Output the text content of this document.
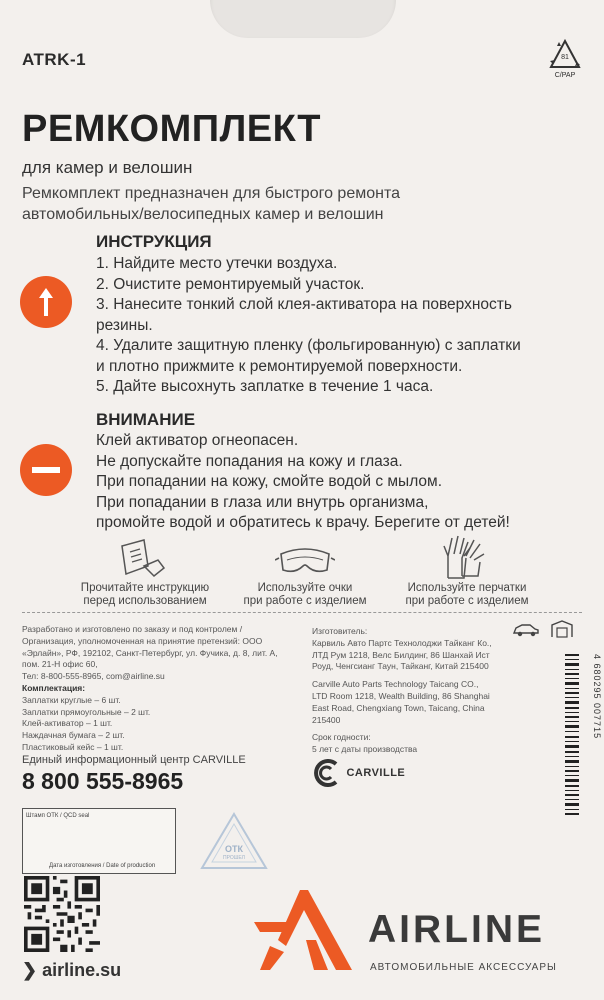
ATRK-1	81
C/PAP
РЕМКОМПЛЕКТ
для камер и велошин
Ремкомплект предназначен для быстрого ремонта
автомобильных/велосипедных камер и велошин
ИНСТРУКЦИЯ
1. Найдите место утечки воздуха.
2. Очистите ремонтируемый участок.
3. Нанесите тонкий слой клея-активатора на поверхность
резины.
4. Удалите защитную пленку (фольгированную) с заплатки
и плотно прижмите к ремонтируемой поверхности.
5. Дайте высохнуть заплатке в течение 1 часа.
ВНИМАНИЕ
Клей активатор огнеопасен.
Не допускайте попадания на кожу и глаза.
При попадании на кожу, смойте водой с мылом.
При попадании в глаза или внутрь организма,
промойте водой и обратитесь к врачу. Берегите от детей!
Прочитайте инструкцию
перед использованием
Используйте очки
при работе с изделием
Используйте перчатки
при работе с изделием
Разработано и изготовлено по заказу и под контролем /
Организация, уполномоченная на принятие претензий: ООО
«Эрлайн», РФ, 192102, Санкт-Петербург, ул. Фучика, д. 8, лит. А,
пом. 21-Н офис 60,
Тел: 8-800-555-8965, com@airline.su
Комплектация:
Заплатки круглые – 6 шт.
Заплатки прямоугольные – 2 шт.
Клей-активатор – 1 шт.
Наждачная бумага – 2 шт.
Пластиковый кейс – 1 шт.
Единый информационный центр CARVILLE
8 800 555-8965
Изготовитель:
Карвиль Авто Партс Технолоджи Тайканг Ко.,
ЛТД Рум 1218, Велс Билдинг, 86 Шанхай Ист
Роуд, Ченгсианг Таун, Тайканг, Китай 215400
Carville Auto Parts Technology Taicang CO.,
LTD Room 1218, Wealth Building, 86 Shanghai
East Road, Chengxiang Town, Taicang, China
215400
Срок годности:
5 лет с даты производства
4 680295 007715
CARVILLE
Штамп ОТК / QCD seal
Дата изготовления / Date of production
ОТК
ПРОШЕЛ
❯ airline.su
AIRLINE
АВТОМОБИЛЬНЫЕ АКСЕССУАРЫ
